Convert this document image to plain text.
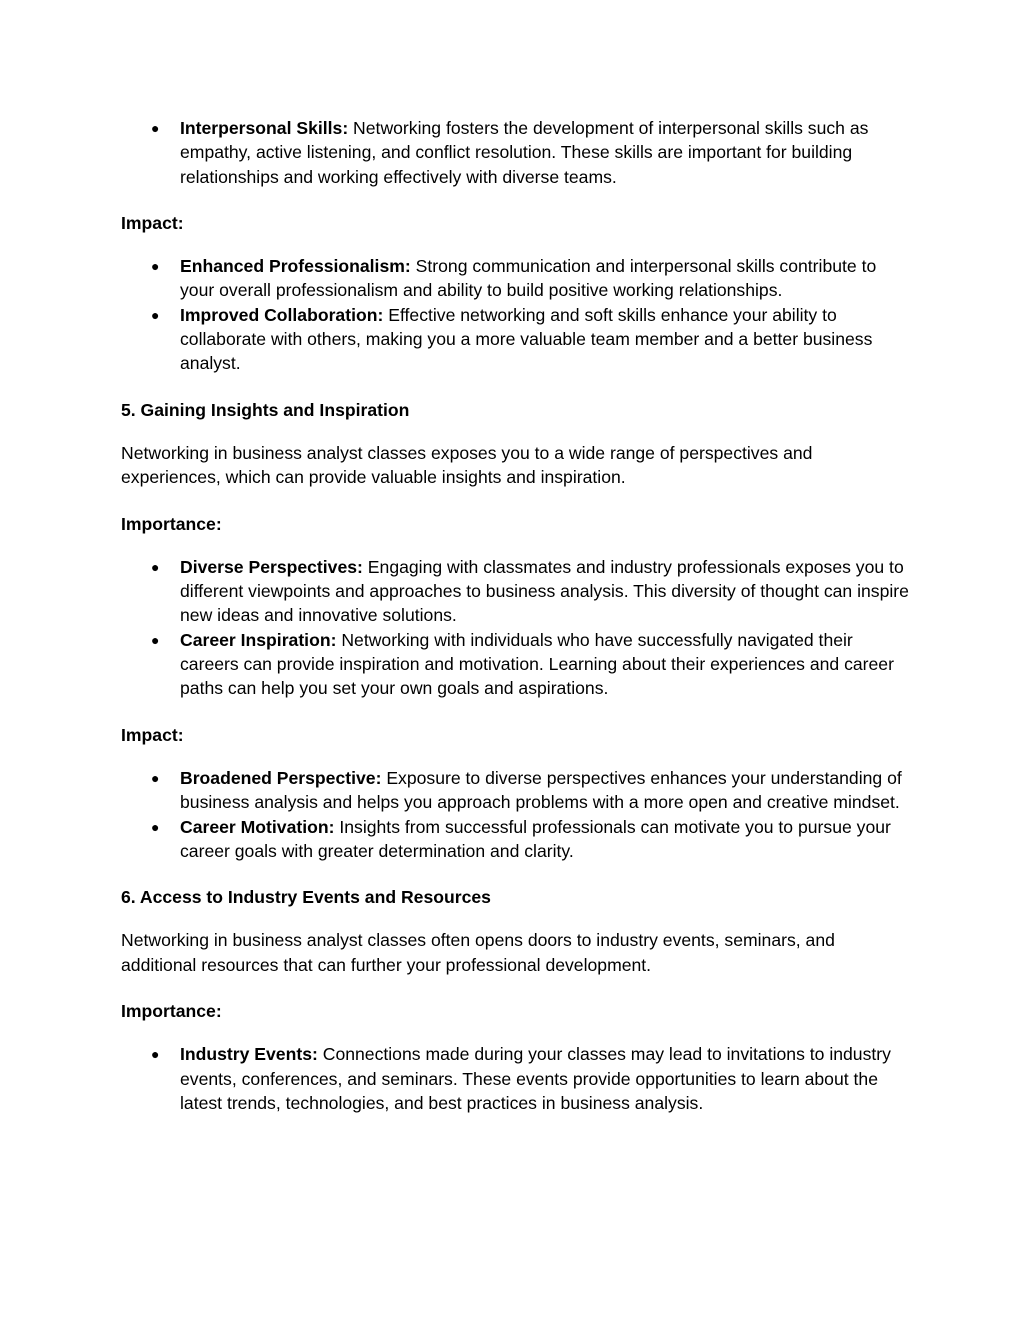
● Interpersonal Skills: Networking fosters the development of interpersonal skills such as empathy, active listening, and conflict resolution. These skills are important for building relationships and working effectively with diverse teams.

Impact:

● Enhanced Professionalism: Strong communication and interpersonal skills contribute to your overall professionalism and ability to build positive working relationships.
● Improved Collaboration: Effective networking and soft skills enhance your ability to collaborate with others, making you a more valuable team member and a better business analyst.

5. Gaining Insights and Inspiration

Networking in business analyst classes exposes you to a wide range of perspectives and experiences, which can provide valuable insights and inspiration.

Importance:

● Diverse Perspectives: Engaging with classmates and industry professionals exposes you to different viewpoints and approaches to business analysis. This diversity of thought can inspire new ideas and innovative solutions.
● Career Inspiration: Networking with individuals who have successfully navigated their careers can provide inspiration and motivation. Learning about their experiences and career paths can help you set your own goals and aspirations.

Impact:

● Broadened Perspective: Exposure to diverse perspectives enhances your understanding of business analysis and helps you approach problems with a more open and creative mindset.
● Career Motivation: Insights from successful professionals can motivate you to pursue your career goals with greater determination and clarity.

6. Access to Industry Events and Resources

Networking in business analyst classes often opens doors to industry events, seminars, and additional resources that can further your professional development.

Importance:

● Industry Events: Connections made during your classes may lead to invitations to industry events, conferences, and seminars. These events provide opportunities to learn about the latest trends, technologies, and best practices in business analysis.
